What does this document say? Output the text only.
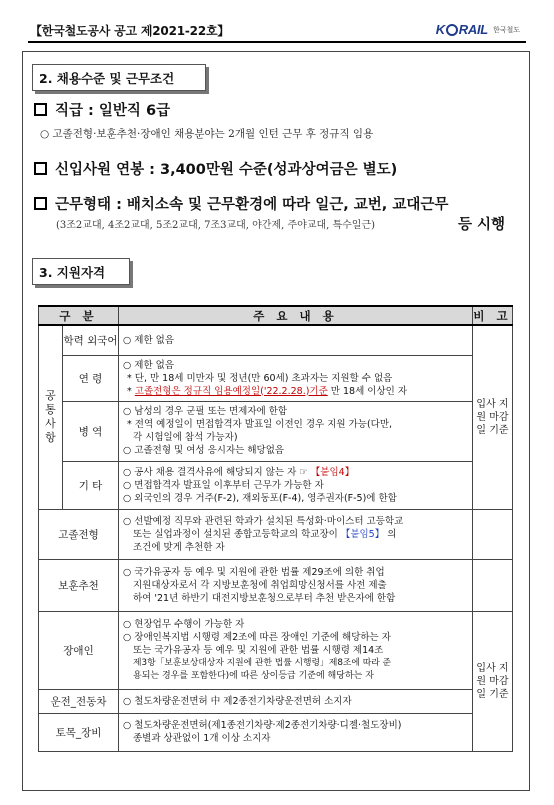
【한국철도공사 공고 제2021-22호】	K RAIL 한국철도
2. 채용수준 및 근무조건
직급 : 일반직 6급
○ 고졸전형·보훈추천·장애인 채용분야는 2개월 인턴 근무 후 정규직 임용
신입사원 연봉 : 3,400만원 수준(성과상여금은 별도)
근무형태 : 배치소속 및 근무환경에 따라 일근, 교번, 교대근무
(3조2교대, 4조2교대, 5조2교대, 7조3교대, 야간제, 주야교대, 특수일근)	등 시행
3. 지원자격
구 분		주 요 내 용	비 고
공통사항	학력 외국어	○ 제한 없음	입사 지원 마감일 기준
	연 령	○ 제한 없음
* 단, 만 18세 미만자 및 정년(만 60세) 초과자는 지원할 수 없음
* 고졸전형은 정규직 임용예정일('22.2.28.)기준 만 18세 이상인 자	

	병 역	○ 남성의 경우 군필 또는 면제자에 한함
* 전역 예정일이 면접합격자 발표일 이전인 경우 지원 가능(다만,
각 시험일에 참석 가능자)
○ 고졸전형 및 여성 응시자는 해당없음	

	기 타	○ 공사 채용 결격사유에 해당되지 않는 자 ☞ 【붙임4】
○ 면접합격자 발표일 이후부터 근무가 가능한 자
○ 외국인의 경우 거주(F-2), 재외동포(F-4), 영주권자(F-5)에 한함	

고졸전형		○ 선발예정 직무와 관련된 학과가 설치된 특성화·마이스터 고등학교
또는 실업과정이 설치된 종합고등학교의 학교장이 【붙임5】 의
조건에 맞게 추천한 자	

보훈추천		○ 국가유공자 등 예우 및 지원에 관한 법률 제29조에 의한 취업
지원대상자로서 각 지방보훈청에 취업희망신청서를 사전 제출
하여 '21년 하반기 대전지방보훈청으로부터 추천 받은자에 한함	

장애인		○ 현장업무 수행이 가능한 자
○ 장애인복지법 시행령 제2조에 따른 장애인 기준에 해당하는 자
또는 국가유공자 등 예우 및 지원에 관한 법률 시행령 제14조
제3항「보훈보상대상자 지원에 관한 법률 시행령」제8조에 따라 준
용되는 경우를 포함한다)에 따른 상이등급 기준에 해당하는 자	입사 지원 마감일 기준
운전_전동차		○ 철도차량운전면허 中 제2종전기차량운전면허 소지자	

토목_장비		○ 철도차량운전면허(제1종전기차량·제2종전기차량·디젤·철도장비)
종별과 상관없이 1개 이상 소지자	
